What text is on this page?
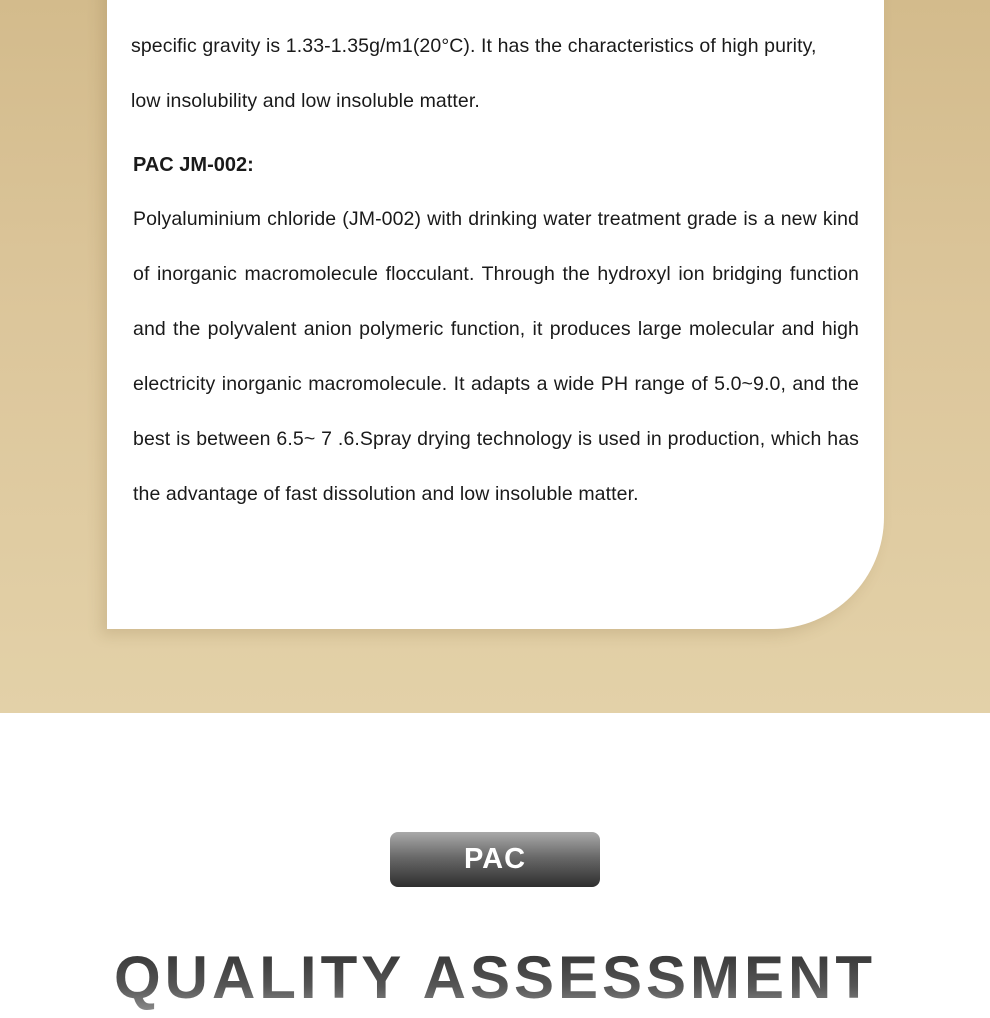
specific gravity is 1.33-1.35g/m1(20°C). It has the characteristics of high purity,
low insolubility and low insoluble matter.
PAC JM-002:

Polyaluminium chloride (JM-002) with drinking water treatment grade is a new kind of inorganic macromolecule flocculant. Through the hydroxyl ion bridging function and the polyvalent anion polymeric function, it produces large molecular and high electricity inorganic macromolecule. It adapts a wide PH range of 5.0~9.0, and the best is between 6.5~ 7 .6.Spray drying technology is used in production, which has the advantage of fast dissolution and low insoluble matter.

PAC
QUALITY ASSESSMENT
